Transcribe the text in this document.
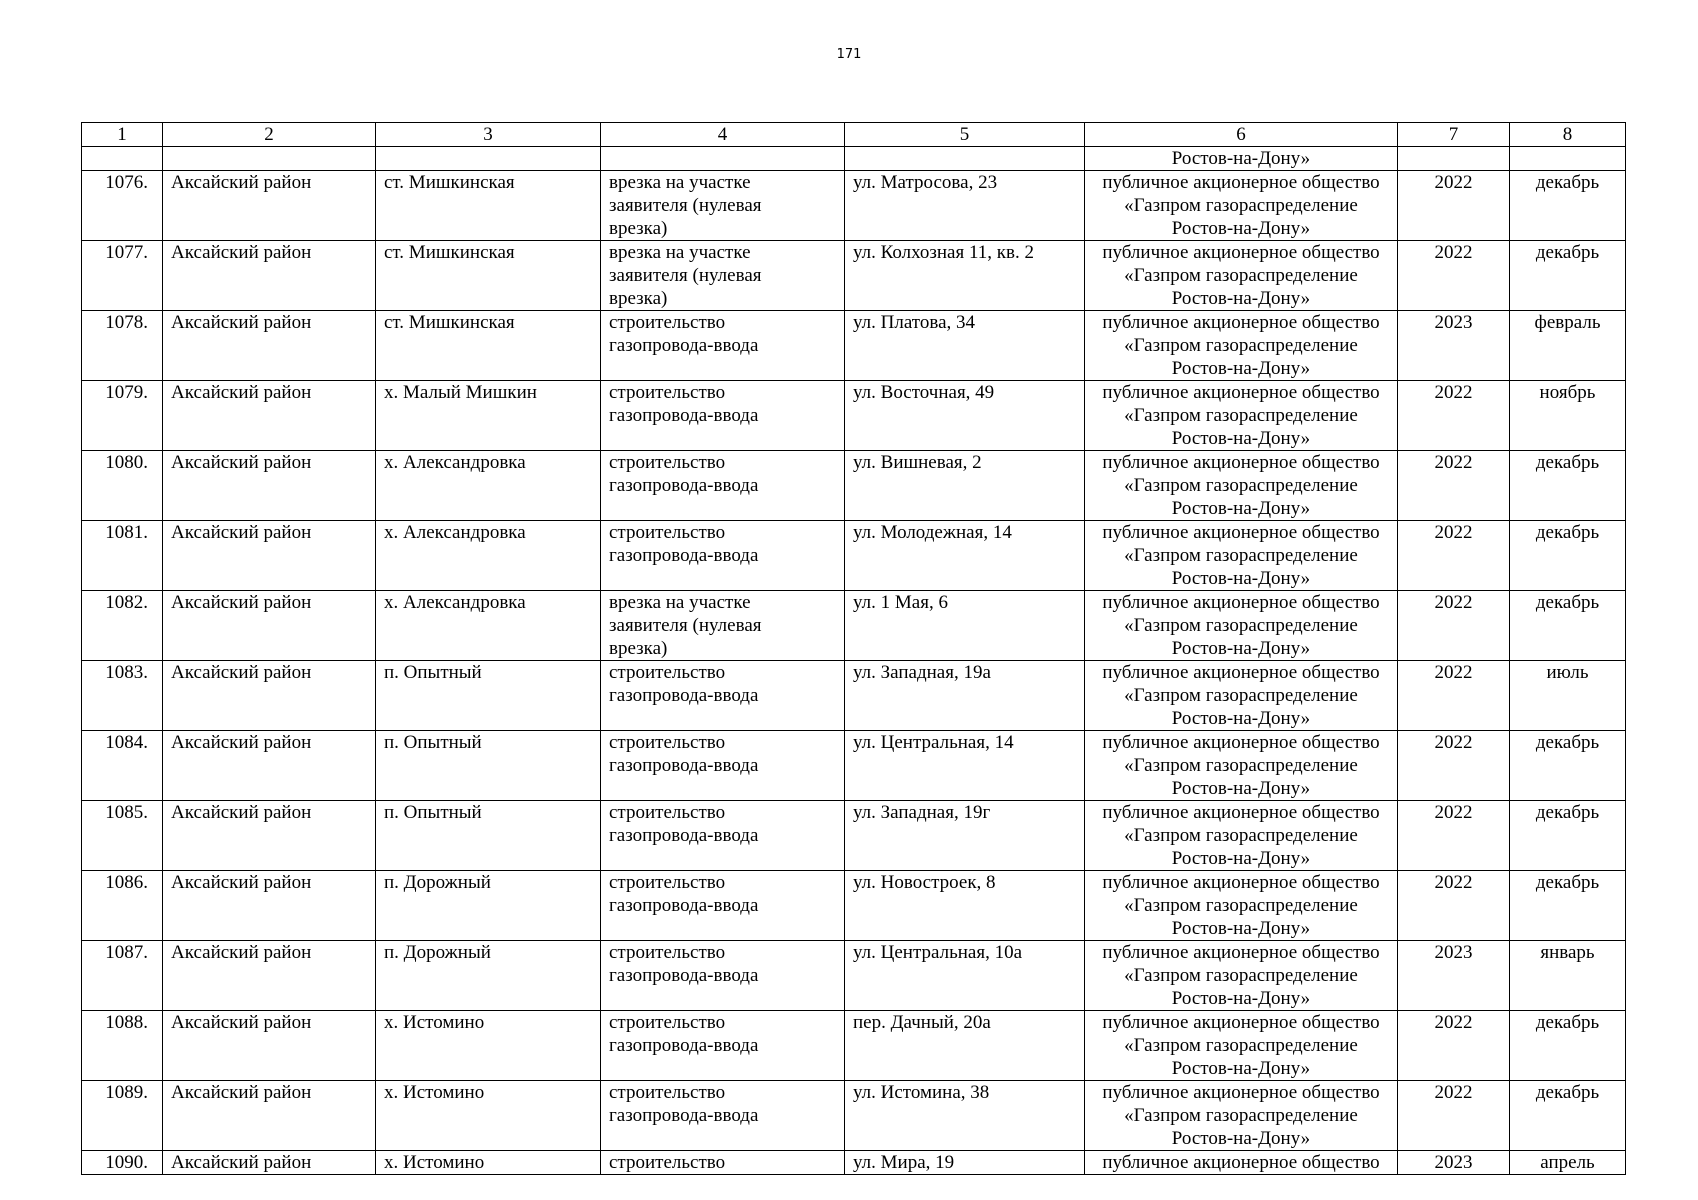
171
1	2	3	4	5	6	7	8
					Ростов-на-Дону»		
1076.	Аксайский район	ст. Мишкинская	врезка на участке
заявителя (нулевая
врезка)	ул. Матросова, 23	публичное акционерное общество
«Газпром газораспределение
Ростов-на-Дону»	2022	декабрь
1077.	Аксайский район	ст. Мишкинская	врезка на участке
заявителя (нулевая
врезка)	ул. Колхозная 11, кв. 2	публичное акционерное общество
«Газпром газораспределение
Ростов-на-Дону»	2022	декабрь
1078.	Аксайский район	ст. Мишкинская	строительство
газопровода-ввода	ул. Платова, 34	публичное акционерное общество
«Газпром газораспределение
Ростов-на-Дону»	2023	февраль
1079.	Аксайский район	х. Малый Мишкин	строительство
газопровода-ввода	ул. Восточная, 49	публичное акционерное общество
«Газпром газораспределение
Ростов-на-Дону»	2022	ноябрь
1080.	Аксайский район	х. Александровка	строительство
газопровода-ввода	ул. Вишневая, 2	публичное акционерное общество
«Газпром газораспределение
Ростов-на-Дону»	2022	декабрь
1081.	Аксайский район	х. Александровка	строительство
газопровода-ввода	ул. Молодежная, 14	публичное акционерное общество
«Газпром газораспределение
Ростов-на-Дону»	2022	декабрь
1082.	Аксайский район	х. Александровка	врезка на участке
заявителя (нулевая
врезка)	ул. 1 Мая, 6	публичное акционерное общество
«Газпром газораспределение
Ростов-на-Дону»	2022	декабрь
1083.	Аксайский район	п. Опытный	строительство
газопровода-ввода	ул. Западная, 19а	публичное акционерное общество
«Газпром газораспределение
Ростов-на-Дону»	2022	июль
1084.	Аксайский район	п. Опытный	строительство
газопровода-ввода	ул. Центральная, 14	публичное акционерное общество
«Газпром газораспределение
Ростов-на-Дону»	2022	декабрь
1085.	Аксайский район	п. Опытный	строительство
газопровода-ввода	ул. Западная, 19г	публичное акционерное общество
«Газпром газораспределение
Ростов-на-Дону»	2022	декабрь
1086.	Аксайский район	п. Дорожный	строительство
газопровода-ввода	ул. Новостроек, 8	публичное акционерное общество
«Газпром газораспределение
Ростов-на-Дону»	2022	декабрь
1087.	Аксайский район	п. Дорожный	строительство
газопровода-ввода	ул. Центральная, 10а	публичное акционерное общество
«Газпром газораспределение
Ростов-на-Дону»	2023	январь
1088.	Аксайский район	х. Истомино	строительство
газопровода-ввода	пер. Дачный, 20а	публичное акционерное общество
«Газпром газораспределение
Ростов-на-Дону»	2022	декабрь
1089.	Аксайский район	х. Истомино	строительство
газопровода-ввода	ул. Истомина, 38	публичное акционерное общество
«Газпром газораспределение
Ростов-на-Дону»	2022	декабрь
1090.	Аксайский район	х. Истомино	строительство	ул. Мира, 19	публичное акционерное общество	2023	апрель
